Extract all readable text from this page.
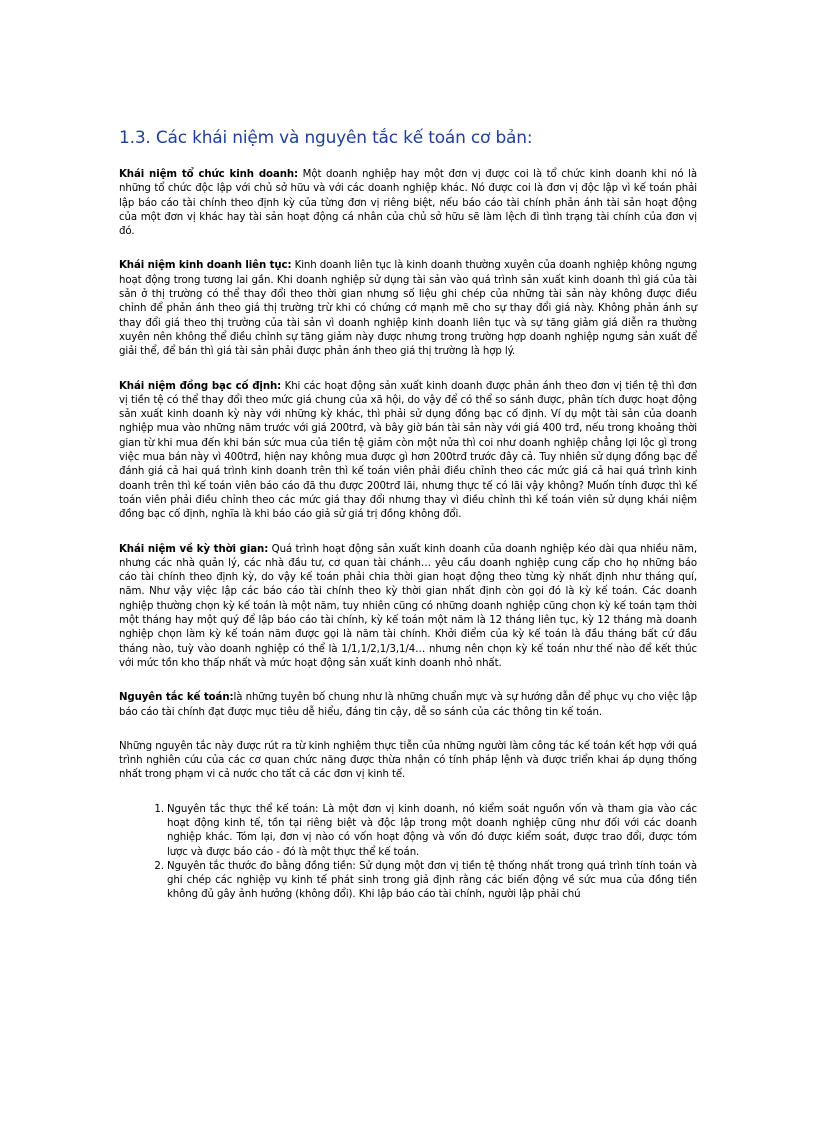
1.3. Các khái niệm và nguyên tắc kế toán cơ bản:

Khái niệm tổ chức kinh doanh: Một doanh nghiệp hay một đơn vị được coi là tổ chức kinh doanh khi nó là những tổ chức độc lập với chủ sở hữu và với các doanh nghiệp khác. Nó được coi là đơn vị độc lập vì kế toán phải lập báo cáo tài chính theo định kỳ của từng đơn vị riêng biệt, nếu báo cáo tài chính phản ánh tài sản hoạt động của một đơn vị khác hay tài sản hoạt động cá nhân của chủ sở hữu sẽ làm lệch đi tình trạng tài chính của đơn vị đó.

Khái niệm kinh doanh liên tục: Kinh doanh liên tục là kinh doanh thường xuyên của doanh nghiệp không ngưng hoạt động trong tương lai gần. Khi doanh nghiệp sử dụng tài sản vào quá trình sản xuất kinh doanh thì giá của tài sản ở thị trường có thể thay đổi theo thời gian nhưng số liệu ghi chép của những tài sản này không được điều chỉnh để phản ánh theo giá thị trường trừ khi có chứng cớ mạnh mẽ cho sự thay đổi giá này. Không phản ánh sự thay đổi giá theo thị trường của tài sản vì doanh nghiệp kinh doanh liên tục và sự tăng giảm giá diễn ra thường xuyên nên không thể điều chỉnh sự tăng giảm này được nhưng trong trường hợp doanh nghiệp ngưng sản xuất để giải thể, để bán thì giá tài sản phải được phản ánh theo giá thị trường là hợp lý.

Khái niệm đồng bạc cố định: Khi các hoạt động sản xuất kinh doanh được phản ánh theo đơn vị tiền tệ thì đơn vị tiền tệ có thể thay đổi theo mức giá chung của xã hội, do vậy để có thể so sánh được, phân tích được hoạt động sản xuất kinh doanh kỳ này với những kỳ khác, thì phải sử dụng đồng bạc cố định. Ví dụ một tài sản của doanh nghiệp mua vào những năm trước với giá 200trđ, và bây giờ bán tài sản này với giá 400 trđ, nếu trong khoảng thời gian từ khi mua đến khi bán sức mua của tiền tệ giảm còn một nửa thì coi như doanh nghiệp chẳng lợi lộc gì trong việc mua bán này vì 400trđ, hiện nay không mua được gì hơn 200trđ trước đây cả. Tuy nhiên sử dụng đồng bạc để đánh giá cả hai quá trình kinh doanh trên thì kế toán viên phải điều chỉnh theo các mức giá cả hai quá trình kinh doanh trên thì kế toán viên báo cáo đã thu được 200trđ lãi, nhưng thực tế có lãi vậy không? Muốn tính được thì kế toán viên phải điều chỉnh theo các mức giá thay đổi nhưng thay vì điều chỉnh thì kế toán viên sử dụng khái niệm đồng bạc cố định, nghĩa là khi báo cáo giả sử giá trị đồng không đổi.

Khái niệm về kỳ thời gian: Quá trình hoạt động sản xuất kinh doanh của doanh nghiệp kéo dài qua nhiều năm, nhưng các nhà quản lý, các nhà đầu tư, cơ quan tài chánh… yêu cầu doanh nghiệp cung cấp cho họ những báo cáo tài chính theo định kỳ, do vậy kế toán phải chia thời gian hoạt động theo từng kỳ nhất định như tháng quí, năm. Như vậy việc lập các báo cáo tài chính theo kỳ thời gian nhất định còn gọi đó là kỳ kế toán. Các doanh nghiệp thường chọn kỳ kế toán là một năm, tuy nhiên cũng có những doanh nghiệp cũng chọn kỳ kế toán tạm thời một tháng hay một quý để lập báo cáo tài chính, kỳ kế toán một năm là 12 tháng liên tục, kỳ 12 tháng mà doanh nghiệp chọn làm kỳ kế toán năm được gọi là năm tài chính. Khởi điểm của kỳ kế toán là đầu tháng bất cứ đầu tháng nào, tuỳ vào doanh nghiệp có thể là 1/1,1/2,1/3,1/4… nhưng nên chọn kỳ kế toán như thế nào để kết thúc với mức tồn kho thấp nhất và mức hoạt động sản xuất kinh doanh nhỏ nhất.

Nguyên tắc kế toán:là những tuyên bố chung như là những chuẩn mực và sự hướng dẫn để phục vụ cho việc lập báo cáo tài chính đạt được mục tiêu dễ hiểu, đáng tin cậy, dễ so sánh của các thông tin kế toán.

Những nguyên tắc này được rút ra từ kinh nghiệm thực tiễn của những người làm công tác kế toán kết hợp với quá trình nghiên cứu của các cơ quan chức năng được thừa nhận có tính pháp lệnh và được triển khai áp dụng thống nhất trong phạm vi cả nước cho tất cả các đơn vị kinh tế.

1. Nguyên tắc thực thể kế toán: Là một đơn vị kinh doanh, nó kiểm soát nguồn vốn và tham gia vào các hoạt động kinh tế, tồn tại riêng biệt và độc lập trong một doanh nghiệp cũng như đối với các doanh nghiệp khác. Tóm lại, đơn vị nào có vốn hoạt động và vốn đó được kiểm soát, được trao đổi, được tóm lược và được báo cáo - đó là một thực thể kế toán.
2. Nguyên tắc thước đo bằng đồng tiền: Sử dụng một đơn vị tiền tệ thống nhất trong quá trình tính toán và ghi chép các nghiệp vụ kinh tế phát sinh trong giả định rằng các biến động về sức mua của đồng tiền không đủ gây ảnh hưởng (không đổi). Khi lập báo cáo tài chính, người lập phải chú
